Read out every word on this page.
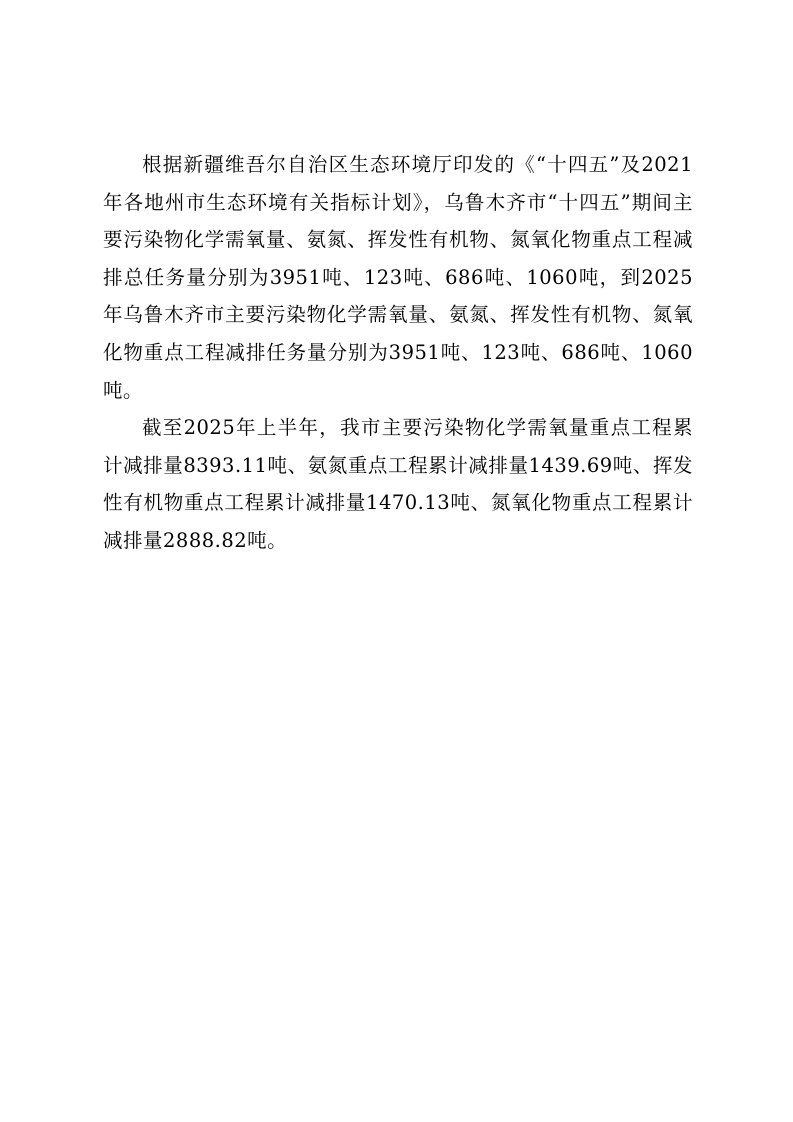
根据新疆维吾尔自治区生态环境厅印发的《“十四五”及2021年各地州市生态环境有关指标计划》，乌鲁木齐市“十四五”期间主要污染物化学需氧量、氨氮、挥发性有机物、氮氧化物重点工程减排总任务量分别为3951吨、123吨、686吨、1060吨，到2025年乌鲁木齐市主要污染物化学需氧量、氨氮、挥发性有机物、氮氧化物重点工程减排任务量分别为3951吨、123吨、686吨、1060吨。

截至2025年上半年，我市主要污染物化学需氧量重点工程累计减排量8393.11吨、氨氮重点工程累计减排量1439.69吨、挥发性有机物重点工程累计减排量1470.13吨、氮氧化物重点工程累计减排量2888.82吨。
